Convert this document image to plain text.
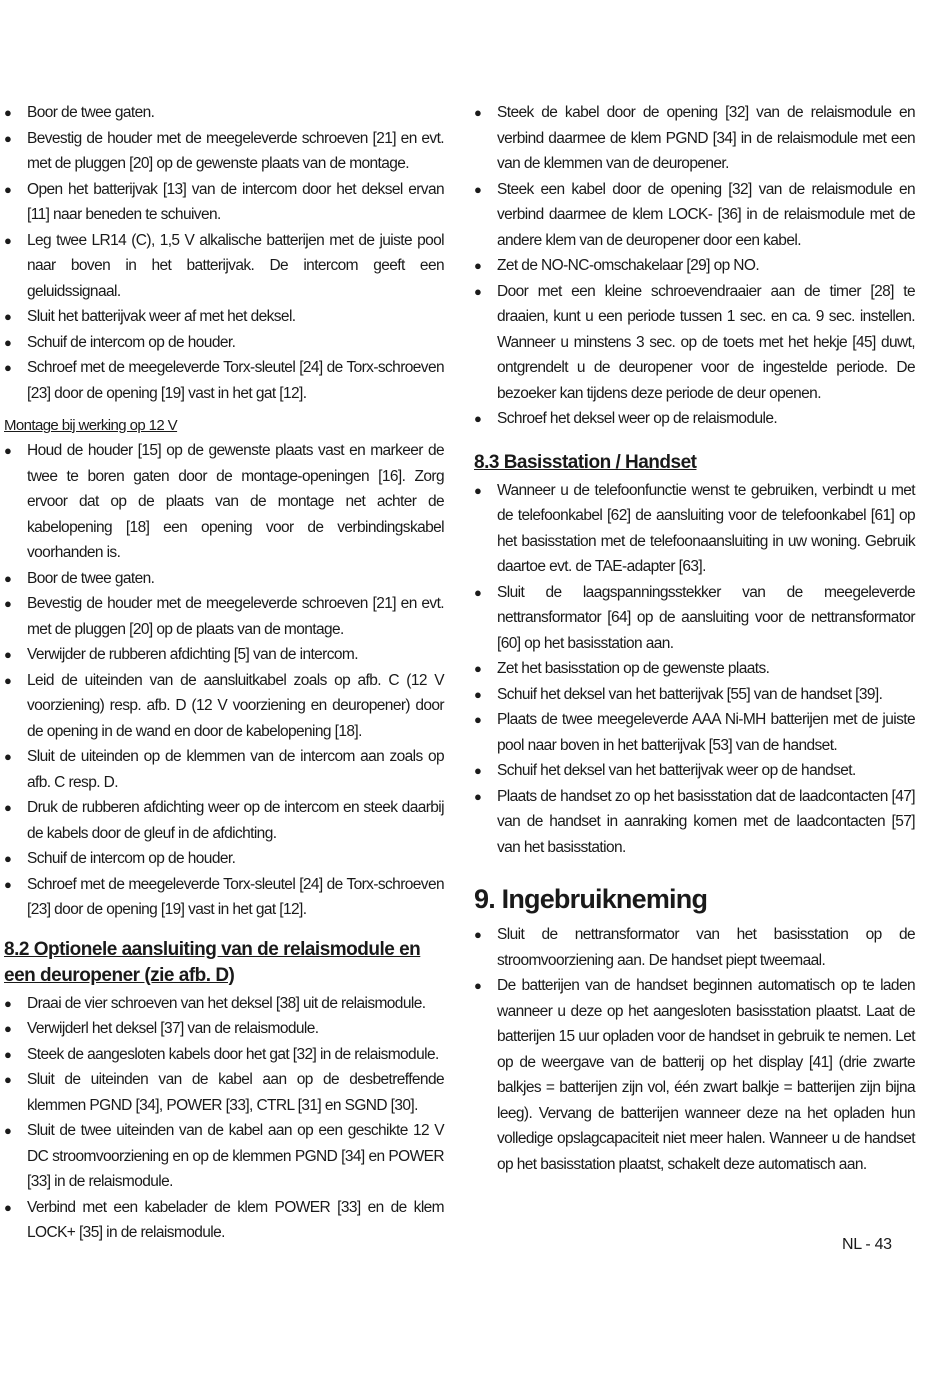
● Boor de twee gaten.
● Bevestig de houder met de meegeleverde schroeven [21] en evt. met de pluggen [20] op de gewenste plaats van de montage.
● Open het batterijvak [13] van de intercom door het deksel ervan [11] naar beneden te schuiven.
● Leg twee LR14 (C), 1,5 V alkalische batterijen met de juiste pool naar boven in het batterijvak. De intercom geeft een geluidssignaal.
● Sluit het batterijvak weer af met het deksel.
● Schuif de intercom op de houder.
● Schroef met de meegeleverde Torx-sleutel [24] de Torx-schroeven [23] door de opening [19] vast in het gat [12].
Montage bij werking op 12 V
● Houd de houder [15] op de gewenste plaats vast en markeer de twee te boren gaten door de montage-openingen [16]. Zorg ervoor dat op de plaats van de montage net achter de kabelopening [18] een opening voor de verbindingskabel voorhanden is.
● Boor de twee gaten.
● Bevestig de houder met de meegeleverde schroeven [21] en evt. met de pluggen [20] op de plaats van de montage.
● Verwijder de rubberen afdichting [5] van de intercom.
● Leid de uiteinden van de aansluitkabel zoals op afb. C (12 V voorziening) resp. afb. D (12 V voorziening en deuropener) door de opening in de wand en door de kabelopening [18].
● Sluit de uiteinden op de klemmen van de intercom aan zoals op afb. C resp. D.
● Druk de rubberen afdichting weer op de intercom en steek daarbij de kabels door de gleuf in de afdichting.
● Schuif de intercom op de houder.
● Schroef met de meegeleverde Torx-sleutel [24] de Torx-schroeven [23] door de opening [19] vast in het gat [12].
8.2 Optionele aansluiting van de relaismodule en een deuropener (zie afb. D)
● Draai de vier schroeven van het deksel [38] uit de relaismodule.
● Verwijderl het deksel [37] van de relaismodule.
● Steek de aangesloten kabels door het gat [32] in de relaismodule.
● Sluit de uiteinden van de kabel aan op de desbetreffende klemmen PGND [34], POWER [33], CTRL [31] en SGND [30].
● Sluit de twee uiteinden van de kabel aan op een geschikte 12 V DC stroomvoorziening en op de klemmen PGND [34] en POWER [33] in de relaismodule.
● Verbind met een kabelader de klem POWER [33] en de klem LOCK+ [35] in de relaismodule.
● Steek de kabel door de opening [32] van de relaismodule en verbind daarmee de klem PGND [34] in de relaismodule met een van de klemmen van de deuropener.
● Steek een kabel door de opening [32] van de relaismodule en verbind daarmee de klem LOCK- [36] in de relaismodule met de andere klem van de deuropener door een kabel.
● Zet de NO-NC-omschakelaar [29] op NO.
● Door met een kleine schroevendraaier aan de timer [28] te draaien, kunt u een periode tussen 1 sec. en ca. 9 sec. instellen. Wanneer u minstens 3 sec. op de toets met het hekje [45] duwt, ontgrendelt u de deuropener voor de ingestelde periode. De bezoeker kan tijdens deze periode de deur openen.
● Schroef het deksel weer op de relaismodule.
8.3 Basisstation / Handset
● Wanneer u de telefoonfunctie wenst te gebruiken, verbindt u met de telefoonkabel [62] de aansluiting voor de telefoonkabel [61] op het basisstation met de telefoonaansluiting in uw woning. Gebruik daartoe evt. de TAE-adapter [63].
● Sluit de laagspanningsstekker van de meegeleverde nettransformator [64] op de aansluiting voor de nettransformator [60] op het basisstation aan.
● Zet het basisstation op de gewenste plaats.
● Schuif het deksel van het batterijvak [55] van de handset [39].
● Plaats de twee meegeleverde AAA Ni-MH batterijen met de juiste pool naar boven in het batterijvak [53] van de handset.
● Schuif het deksel van het batterijvak weer op de handset.
● Plaats de handset zo op het basisstation dat de laadcontacten [47] van de handset in aanraking komen met de laadcontacten [57] van het basisstation.
9. Ingebruikneming
● Sluit de nettransformator van het basisstation op de stroomvoorziening aan. De handset piept tweemaal.
● De batterijen van de handset beginnen automatisch op te laden wanneer u deze op het aangesloten basisstation plaatst. Laat de batterijen 15 uur opladen voor de handset in gebruik te nemen. Let op de weergave van de batterij op het display [41] (drie zwarte balkjes = batterijen zijn vol, één zwart balkje = batterijen zijn bijna leeg). Vervang de batterijen wanneer deze na het opladen hun volledige opslagcapaciteit niet meer halen. Wanneer u de handset op het basisstation plaatst, schakelt deze automatisch aan.
NL - 43
